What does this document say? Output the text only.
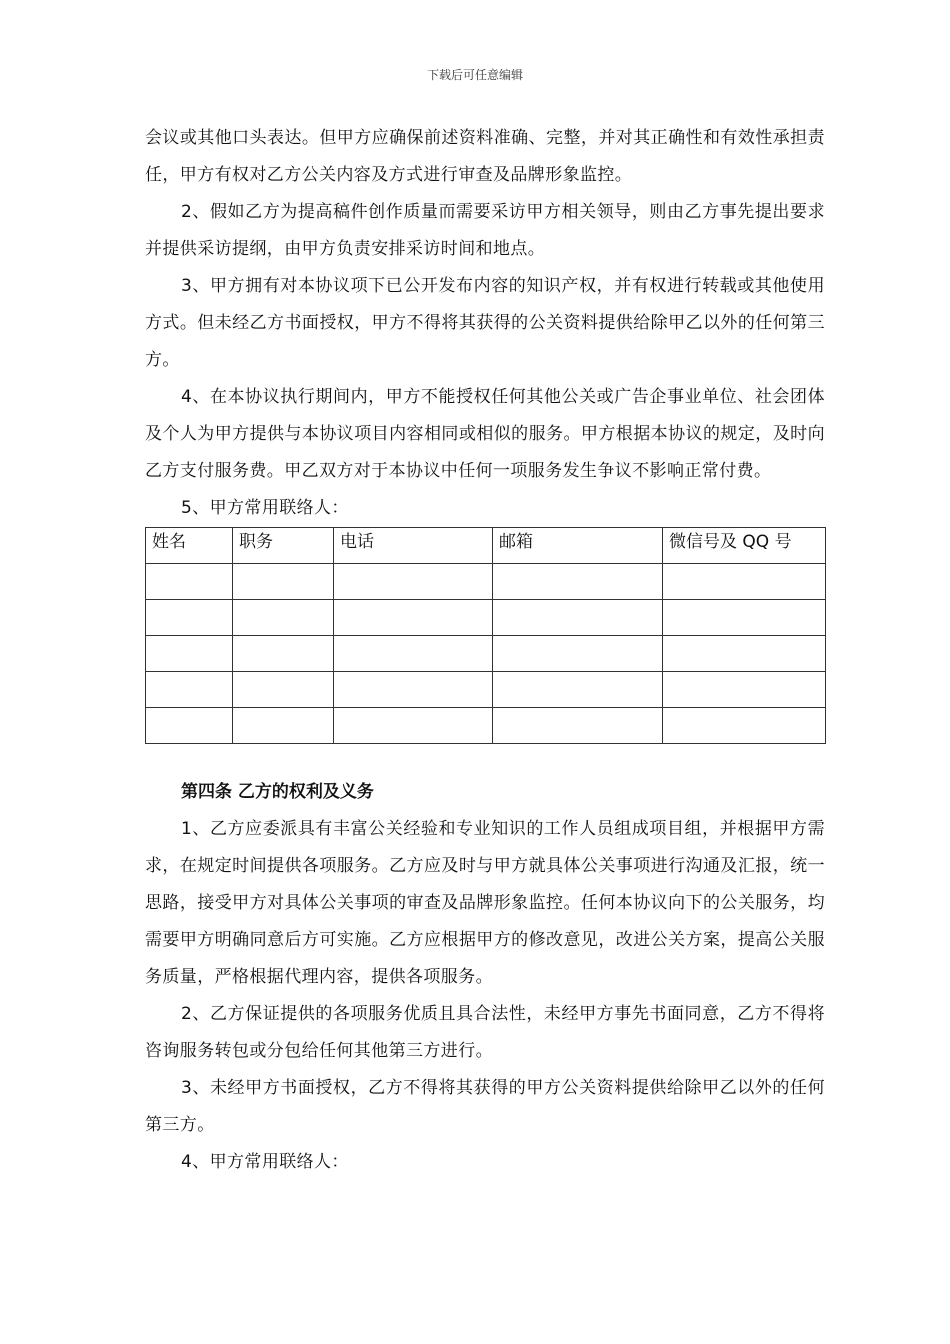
下载后可任意编辑

会议或其他口头表达。但甲方应确保前述资料准确、完整，并对其正确性和有效性承担责任，甲方有权对乙方公关内容及方式进行审查及品牌形象监控。

2、假如乙方为提高稿件创作质量而需要采访甲方相关领导，则由乙方事先提出要求并提供采访提纲，由甲方负责安排采访时间和地点。

3、甲方拥有对本协议项下已公开发布内容的知识产权，并有权进行转载或其他使用方式。但未经乙方书面授权，甲方不得将其获得的公关资料提供给除甲乙以外的任何第三方。

4、在本协议执行期间内，甲方不能授权任何其他公关或广告企事业单位、社会团体及个人为甲方提供与本协议项目内容相同或相似的服务。甲方根据本协议的规定，及时向乙方支付服务费。甲乙双方对于本协议中任何一项服务发生争议不影响正常付费。

5、甲方常用联络人：

姓名	职务	电话	邮箱	微信号及 QQ 号

第四条 乙方的权利及义务

1、乙方应委派具有丰富公关经验和专业知识的工作人员组成项目组，并根据甲方需求，在规定时间提供各项服务。乙方应及时与甲方就具体公关事项进行沟通及汇报，统一思路，接受甲方对具体公关事项的审查及品牌形象监控。任何本协议向下的公关服务，均需要甲方明确同意后方可实施。乙方应根据甲方的修改意见，改进公关方案，提高公关服务质量，严格根据代理内容，提供各项服务。

2、乙方保证提供的各项服务优质且具合法性，未经甲方事先书面同意，乙方不得将咨询服务转包或分包给任何其他第三方进行。

3、未经甲方书面授权，乙方不得将其获得的甲方公关资料提供给除甲乙以外的任何第三方。

4、甲方常用联络人：
